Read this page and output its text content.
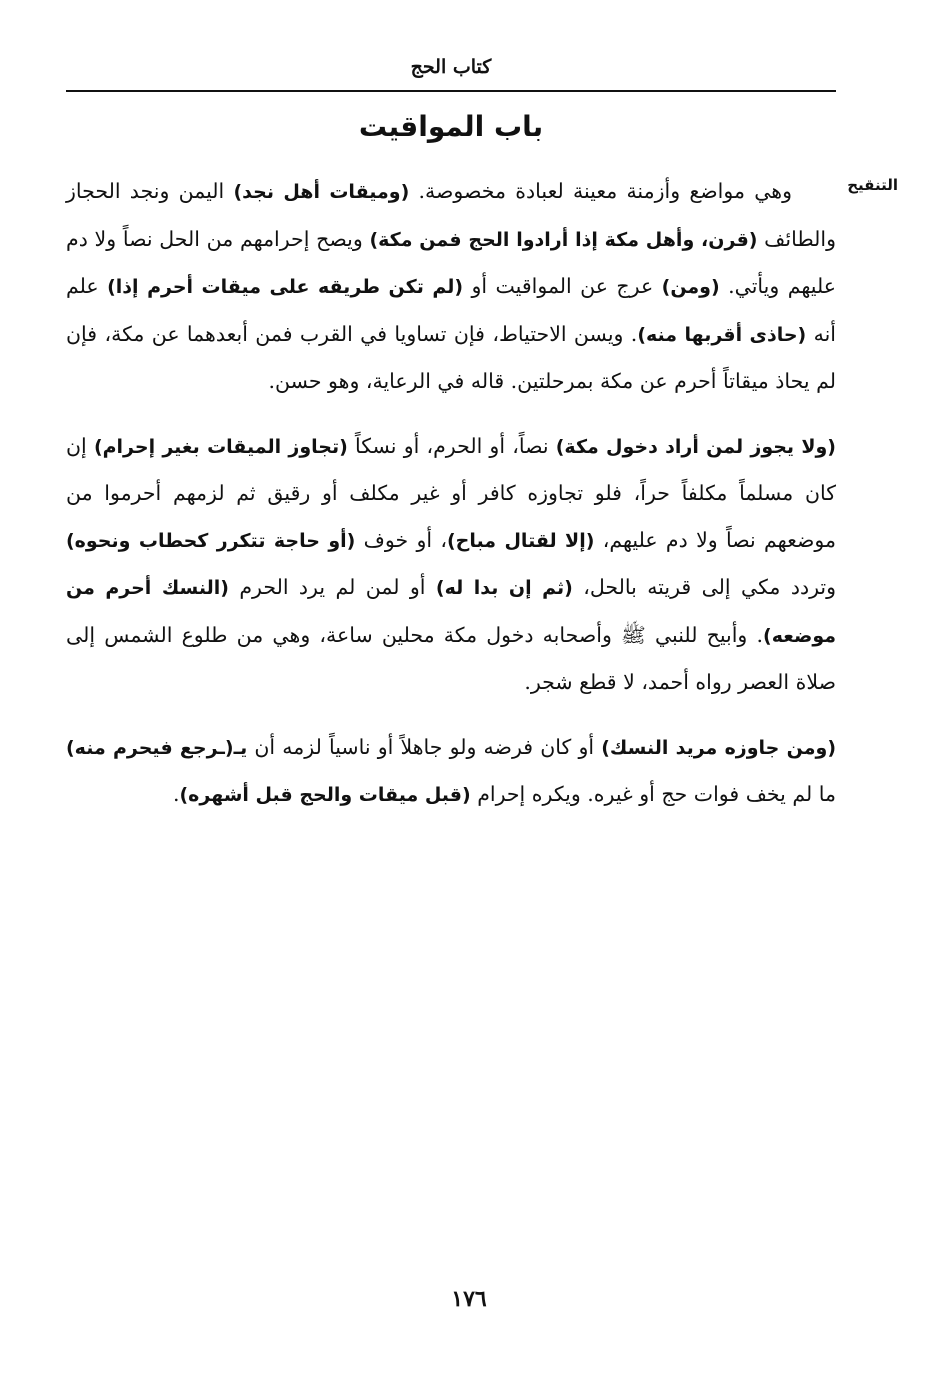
كتاب الحج
باب المواقيت
التنقيح

وهي مواضع وأزمنة معينة لعبادة مخصوصة. (وميقات أهل نجد) اليمن ونجد الحجاز والطائف (قرن، وأهل مكة إذا أرادوا الحج فمن مكة) ويصح إحرامهم من الحل نصاً ولا دم عليهم ويأتي. (ومن) عرج عن المواقيت أو (لم تكن طريقه على ميقات أحرم إذا) علم أنه (حاذى أقربها منه). ويسن الاحتياط، فإن تساويا في القرب فمن أبعدهما عن مكة، فإن لم يحاذ ميقاتاً أحرم عن مكة بمرحلتين. قاله في الرعاية، وهو حسن.

(ولا يجوز لمن أراد دخول مكة) نصاً، أو الحرم، أو نسكاً (تجاوز الميقات بغير إحرام) إن كان مسلماً مكلفاً حراً، فلو تجاوزه كافر أو غير مكلف أو رقيق ثم لزمهم أحرموا من موضعهم نصاً ولا دم عليهم، (إلا لقتال مباح)، أو خوف (أو حاجة تتكرر كحطاب ونحوه) وتردد مكي إلى قريته بالحل، (ثم إن بدا له) أو لمن لم يرد الحرم (النسك أحرم من موضعه). وأبيح للنبي ﷺ وأصحابه دخول مكة محلين ساعة، وهي من طلوع الشمس إلى صلاة العصر رواه أحمد، لا قطع شجر.

(ومن جاوزه مريد النسك) أو كان فرضه ولو جاهلاً أو ناسياً لزمه أن يـ(ـرجع فيحرم منه) ما لم يخف فوات حج أو غيره. ويكره إحرام (قبل ميقات والحج قبل أشهره).

١٧٦
